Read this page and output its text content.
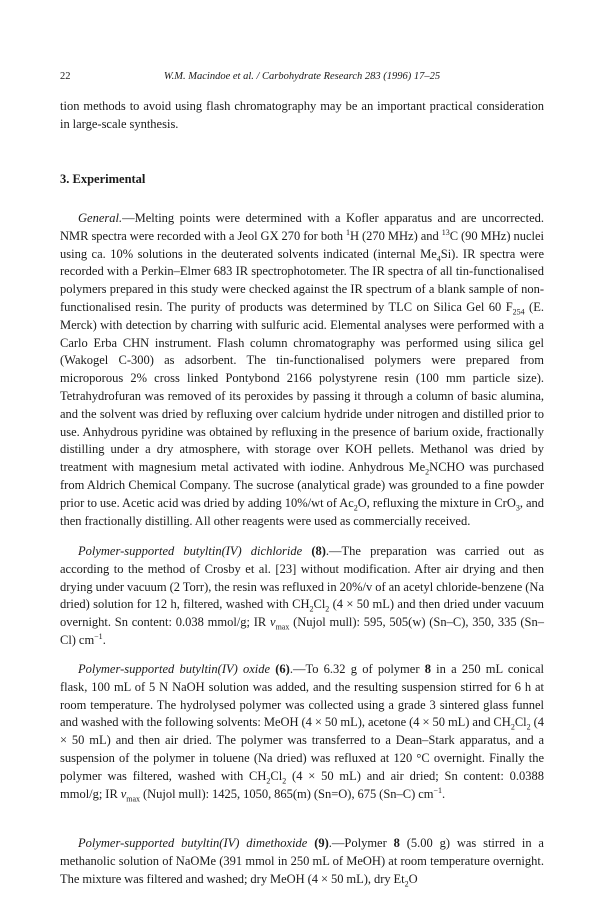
22	W.M. Macindoe et al. / Carbohydrate Research 283 (1996) 17–25

tion methods to avoid using flash chromatography may be an important practical consideration in large-scale synthesis.

3. Experimental

General.—Melting points were determined with a Kofler apparatus and are uncorrected. NMR spectra were recorded with a Jeol GX 270 for both $^1$H (270 MHz) and $^{13}$C (90 MHz) nuclei using ca. 10% solutions in the deuterated solvents indicated (internal $Me_4Si$). IR spectra were recorded with a Perkin–Elmer 683 IR spectrophotometer. The IR spectra of all tin-functionalised polymers prepared in this study were checked against the IR spectrum of a blank sample of non-functionalised resin. The purity of products was determined by TLC on Silica Gel 60 $F_{254}$ (E. Merck) with detection by charring with sulfuric acid. Elemental analyses were performed with a Carlo Erba CHN instrument. Flash column chromatography was performed using silica gel (Wakogel C-300) as adsorbent. The tin-functionalised polymers were prepared from microporous 2% cross linked Pontybond 2166 polystyrene resin (100 mm particle size). Tetrahydrofuran was removed of its peroxides by passing it through a column of basic alumina, and the solvent was dried by refluxing over calcium hydride under nitrogen and distilled prior to use. Anhydrous pyridine was obtained by refluxing in the presence of barium oxide, fractionally distilling under a dry atmosphere, with storage over KOH pellets. Methanol was dried by treatment with magnesium metal activated with iodine. Anhydrous $Me_2NCHO$ was purchased from Aldrich Chemical Company. The sucrose (analytical grade) was grounded to a fine powder prior to use. Acetic acid was dried by adding 10%/wt of $Ac_2O$, refluxing the mixture in CrO$_3$, and then fractionally distilling. All other reagents were used as commercially received.

Polymer-supported butyltin(IV) dichloride (8).—The preparation was carried out as according to the method of Crosby et al. [23] without modification. After air drying and then drying under vacuum (2 Torr), the resin was refluxed in 20%/v of an acetyl chloride-benzene (Na dried) solution for 12 h, filtered, washed with $CH_2Cl_2$ (4 × 50 mL) and then dried under vacuum overnight. Sn content: 0.038 mmol/g; IR $\nu_{max}$ (Nujol mull): 595, 505(w) (Sn–C), 350, 335 (Sn–Cl) $cm^{-1}$.

Polymer-supported butyltin(IV) oxide (6).—To 6.32 g of polymer 8 in a 250 mL conical flask, 100 mL of 5 N NaOH solution was added, and the resulting suspension stirred for 6 h at room temperature. The hydrolysed polymer was collected using a grade 3 sintered glass funnel and washed with the following solvents: MeOH (4 × 50 mL), acetone (4 × 50 mL) and $CH_2Cl_2$ (4 × 50 mL) and then air dried. The polymer was transferred to a Dean–Stark apparatus, and a suspension of the polymer in toluene (Na dried) was refluxed at 120 °C overnight. Finally the polymer was filtered, washed with $CH_2Cl_2$ (4 × 50 mL) and air dried; Sn content: 0.0388 mmol/g; IR $\nu_{max}$ (Nujol mull): 1425, 1050, 865(m) (Sn=O), 675 (Sn–C) $cm^{-1}$.

Polymer-supported butyltin(IV) dimethoxide (9).—Polymer 8 (5.00 g) was stirred in a methanolic solution of NaOMe (391 mmol in 250 mL of MeOH) at room temperature overnight. The mixture was filtered and washed; dry MeOH (4 × 50 mL), dry $Et_2O$
